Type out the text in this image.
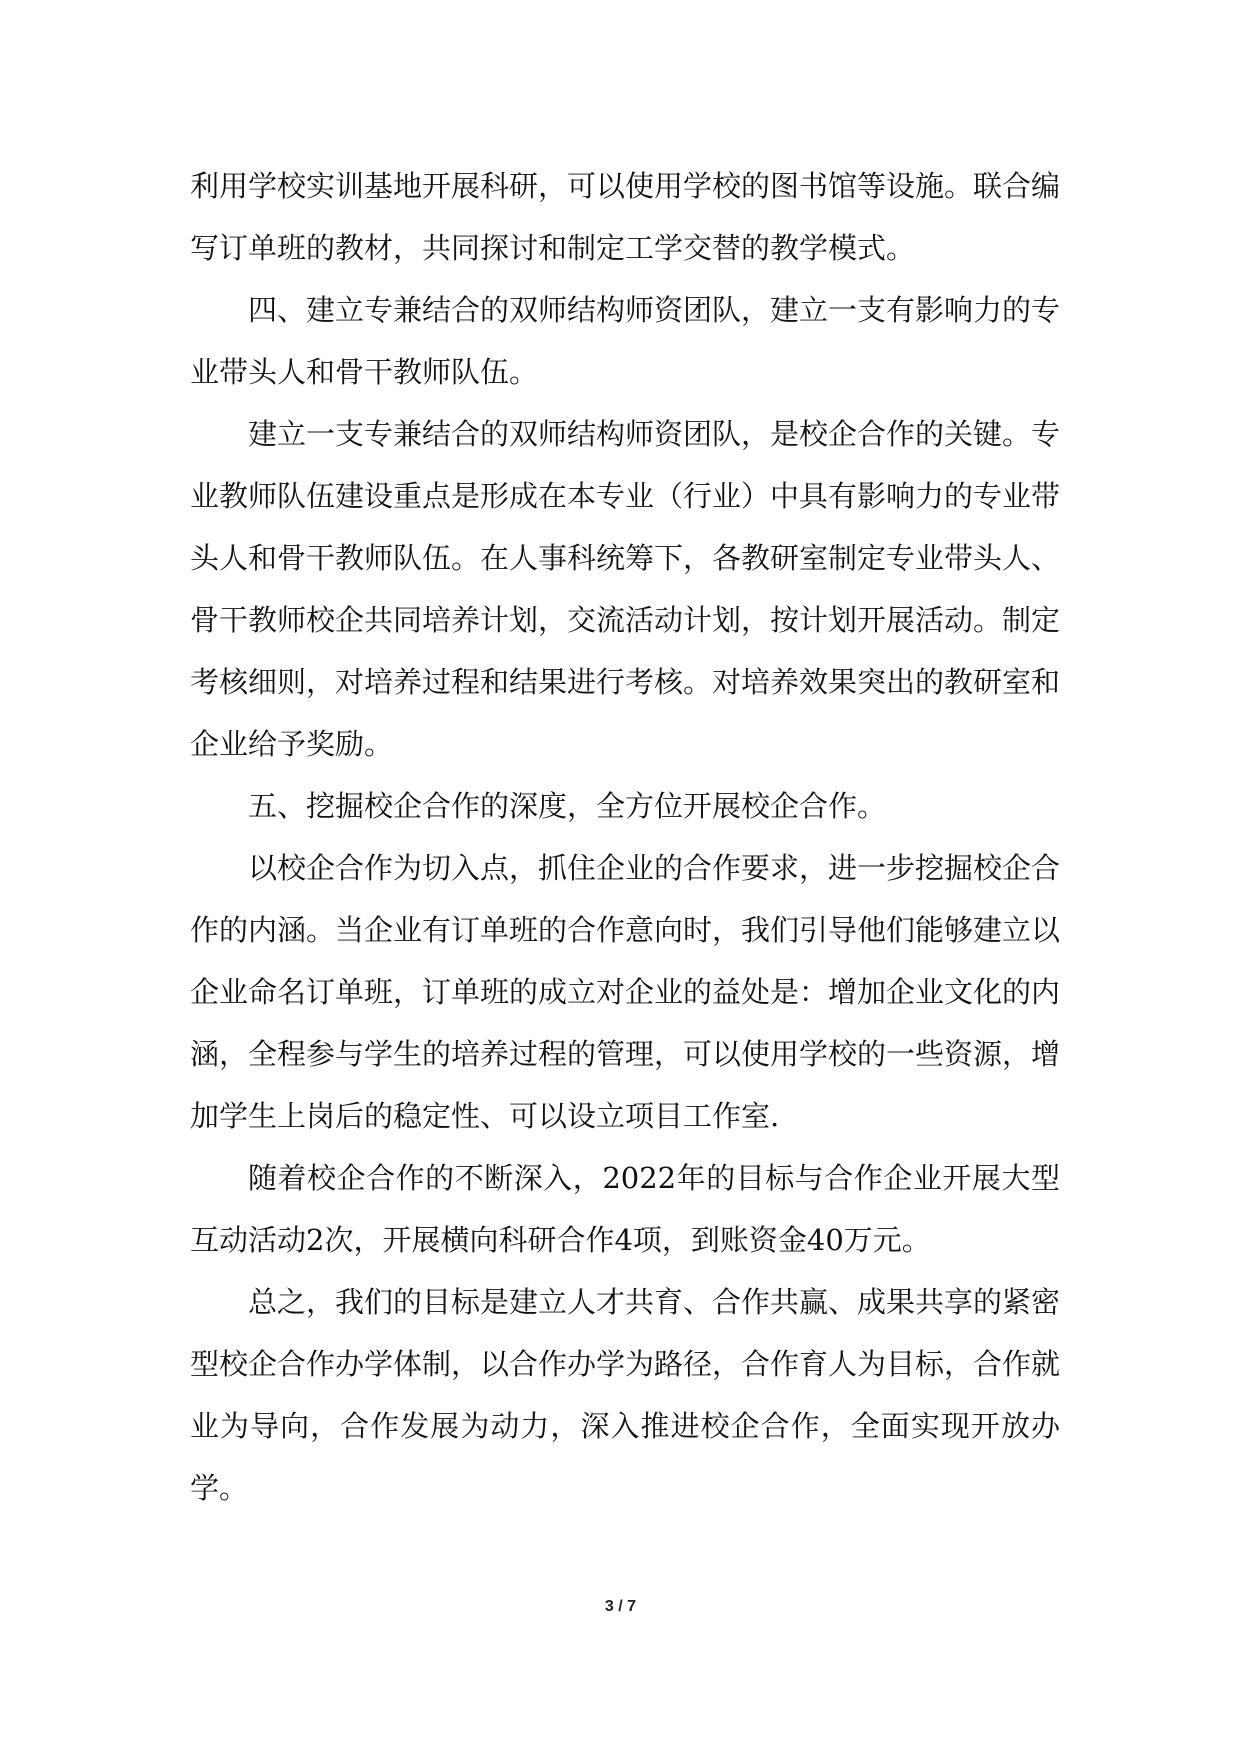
利用学校实训基地开展科研，可以使用学校的图书馆等设施。联合编写订单班的教材，共同探讨和制定工学交替的教学模式。

四、建立专兼结合的双师结构师资团队，建立一支有影响力的专业带头人和骨干教师队伍。

建立一支专兼结合的双师结构师资团队，是校企合作的关键。专业教师队伍建设重点是形成在本专业（行业）中具有影响力的专业带头人和骨干教师队伍。在人事科统筹下，各教研室制定专业带头人、骨干教师校企共同培养计划，交流活动计划，按计划开展活动。制定考核细则，对培养过程和结果进行考核。对培养效果突出的教研室和企业给予奖励。

五、挖掘校企合作的深度，全方位开展校企合作。

以校企合作为切入点，抓住企业的合作要求，进一步挖掘校企合作的内涵。当企业有订单班的合作意向时，我们引导他们能够建立以企业命名订单班，订单班的成立对企业的益处是：增加企业文化的内涵，全程参与学生的培养过程的管理，可以使用学校的一些资源，增加学生上岗后的稳定性、可以设立项目工作室.

随着校企合作的不断深入，2022年的目标与合作企业开展大型互动活动2次，开展横向科研合作4项，到账资金40万元。

总之，我们的目标是建立人才共育、合作共赢、成果共享的紧密型校企合作办学体制，以合作办学为路径，合作育人为目标，合作就业为导向，合作发展为动力，深入推进校企合作，全面实现开放办学。

3 / 7
